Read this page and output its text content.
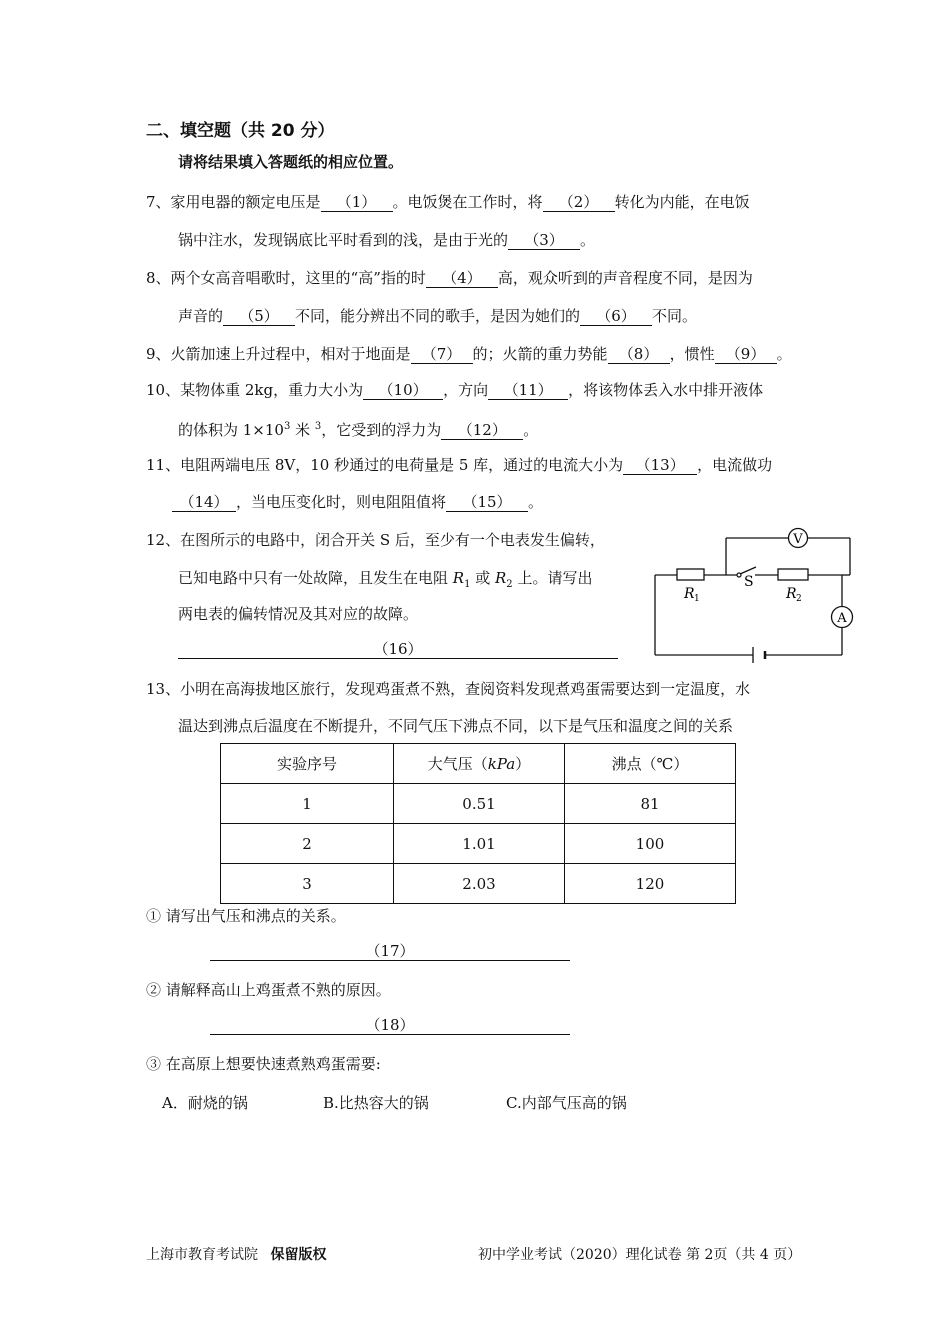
二、填空题（共 20 分）
请将结果填入答题纸的相应位置。
7、家用电器的额定电压是 （1） 。电饭煲在工作时，将 （2） 转化为内能，在电饭
锅中注水，发现锅底比平时看到的浅，是由于光的 （3） 。
8、两个女高音唱歌时，这里的“高”指的时 （4） 高，观众听到的声音程度不同，是因为
声音的 （5） 不同，能分辨出不同的歌手，是因为她们的 （6） 不同。
9、火箭加速上升过程中，相对于地面是 （7） 的；火箭的重力势能 （8） ，惯性 （9） 。
10、某物体重 2kg，重力大小为 （10） ，方向 （11） ，将该物体丢入水中排开液体
的体积为 $1\times 10^3$ 米 $^3$，它受到的浮力为 （12） 。
11、电阻两端电压 8V，10 秒通过的电荷量是 5 库，通过的电流大小为 （13） ，电流做功
（14） ，当电压变化时，则电阻阻值将 （15） 。
12、在图所示的电路中，闭合开关 S 后，至少有一个电表发生偏转，
已知电路中只有一处故障，且发生在电阻 $R_1$ 或 $R_2$ 上。请写出
两电表的偏转情况及其对应的故障。
（16）
V
A
S
R 1	R 2
13、小明在高海拔地区旅行，发现鸡蛋煮不熟，查阅资料发现煮鸡蛋需要达到一定温度，水
温达到沸点后温度在不断提升，不同气压下沸点不同，以下是气压和温度之间的关系
实验序号	大气压（kPa）	沸点（℃）
1	0.51	81
2	1.01	100
3	2.03	120
① 请写出气压和沸点的关系。
（17）
② 请解释高山上鸡蛋煮不熟的原因。
（18）
③ 在高原上想要快速煮熟鸡蛋需要:
A．耐烧的锅	B.比热容大的锅	C.内部气压高的锅
上海市教育考试院 保留版权	初中学业考试（2020）理化试卷 第 2页（共 4 页）
